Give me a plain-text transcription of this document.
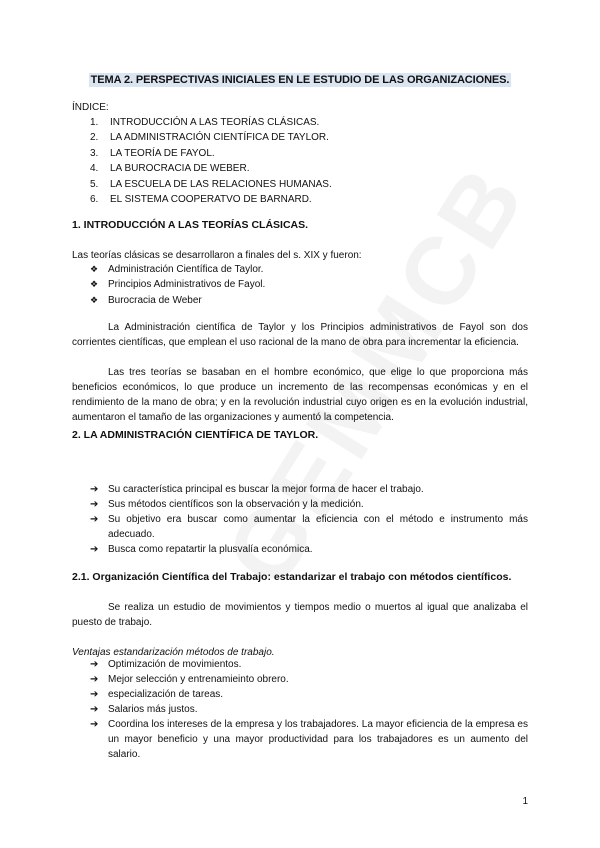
TEMA 2. PERSPECTIVAS INICIALES EN LE ESTUDIO DE LAS ORGANIZACIONES.
ÍNDICE:
1. INTRODUCCIÓN A LAS TEORÍAS CLÁSICAS.
2. LA ADMINISTRACIÓN CIENTÍFICA DE TAYLOR.
3. LA TEORÍA DE FAYOL.
4. LA BUROCRACIA DE WEBER.
5. LA ESCUELA DE LAS RELACIONES HUMANAS.
6. EL SISTEMA COOPERATVO DE BARNARD.
1. INTRODUCCIÓN A LAS TEORÍAS CLÁSICAS.
Las teorías clásicas se desarrollaron a finales del s. XIX y fueron:
❖ Administración Científica de Taylor.
❖ Principios Administrativos de Fayol.
❖ Burocracia de Weber
La Administración científica de Taylor y los Principios administrativos de Fayol son dos corrientes científicas, que emplean el uso racional de la mano de obra para incrementar la eficiencia.
Las tres teorías se basaban en el hombre económico, que elige lo que proporciona más beneficios económicos, lo que produce un incremento de las recompensas económicas y en el rendimiento de la mano de obra; y en la revolución industrial cuyo origen es en la evolución industrial, aumentaron el tamaño de las organizaciones y aumentó la competencia.
2. LA ADMINISTRACIÓN CIENTÍFICA DE TAYLOR.
➔ Su característica principal es buscar la mejor forma de hacer el trabajo.
➔ Sus métodos científicos son la observación y la medición.
➔ Su objetivo era buscar como aumentar la eficiencia con el método e instrumento más adecuado.
➔ Busca como repatartir la plusvalía económica.
2.1. Organización Científica del Trabajo: estandarizar el trabajo con métodos científicos.
Se realiza un estudio de movimientos y tiempos medio o muertos al igual que analizaba el puesto de trabajo.
Ventajas estandarización métodos de trabajo.
➔ Optimización de movimientos.
➔ Mejor selección y entrenamieinto obrero.
➔ especialización de tareas.
➔ Salarios más justos.
➔ Coordina los intereses de la empresa y los trabajadores. La mayor eficiencia de la empresa es un mayor beneficio y una mayor productividad para los trabajadores es un aumento del salario.
1
